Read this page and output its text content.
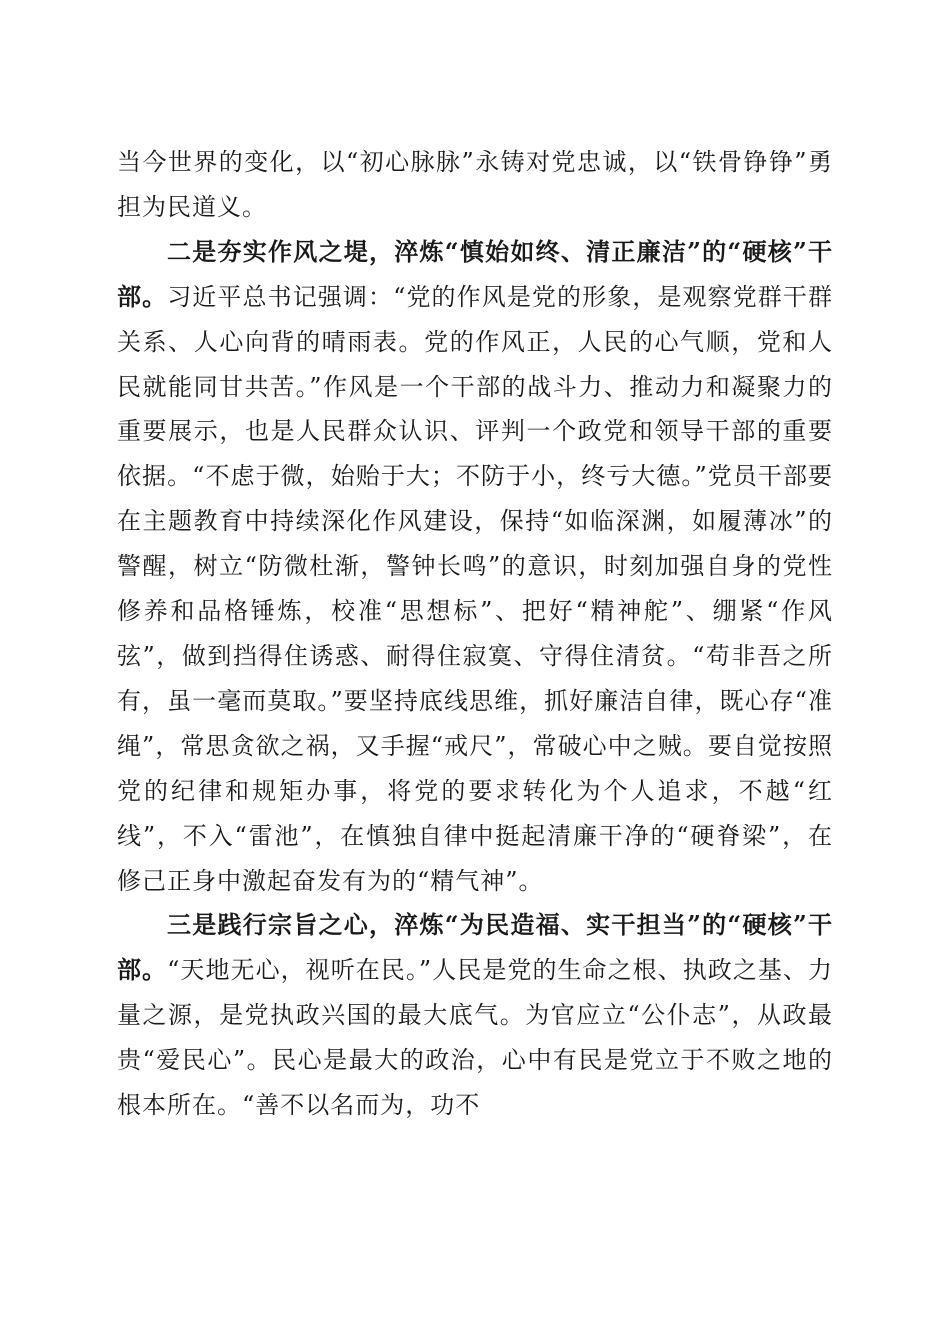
当今世界的变化，以“初心脉脉”永铸对党忠诚，以“铁骨铮铮”勇担为民道义。

二是夯实作风之堤，淬炼“慎始如终、清正廉洁”的“硬核”干部。习近平总书记强调：“党的作风是党的形象，是观察党群干群关系、人心向背的晴雨表。党的作风正，人民的心气顺，党和人民就能同甘共苦。”作风是一个干部的战斗力、推动力和凝聚力的重要展示，也是人民群众认识、评判一个政党和领导干部的重要依据。“不虑于微，始贻于大；不防于小，终亏大德。”党员干部要在主题教育中持续深化作风建设，保持“如临深渊，如履薄冰”的警醒，树立“防微杜渐，警钟长鸣”的意识，时刻加强自身的党性修养和品格锤炼，校准“思想标”、把好“精神舵”、绷紧“作风弦”，做到挡得住诱惑、耐得住寂寞、守得住清贫。“苟非吾之所有，虽一毫而莫取。”要坚持底线思维，抓好廉洁自律，既心存“准绳”，常思贪欲之祸，又手握“戒尺”，常破心中之贼。要自觉按照党的纪律和规矩办事，将党的要求转化为个人追求，不越“红线”，不入“雷池”，在慎独自律中挺起清廉干净的“硬脊梁”，在修己正身中激起奋发有为的“精气神”。

三是践行宗旨之心，淬炼“为民造福、实干担当”的“硬核”干部。“天地无心，视听在民。”人民是党的生命之根、执政之基、力量之源，是党执政兴国的最大底气。为官应立“公仆志”，从政最贵“爱民心”。民心是最大的政治，心中有民是党立于不败之地的根本所在。“善不以名而为，功不
